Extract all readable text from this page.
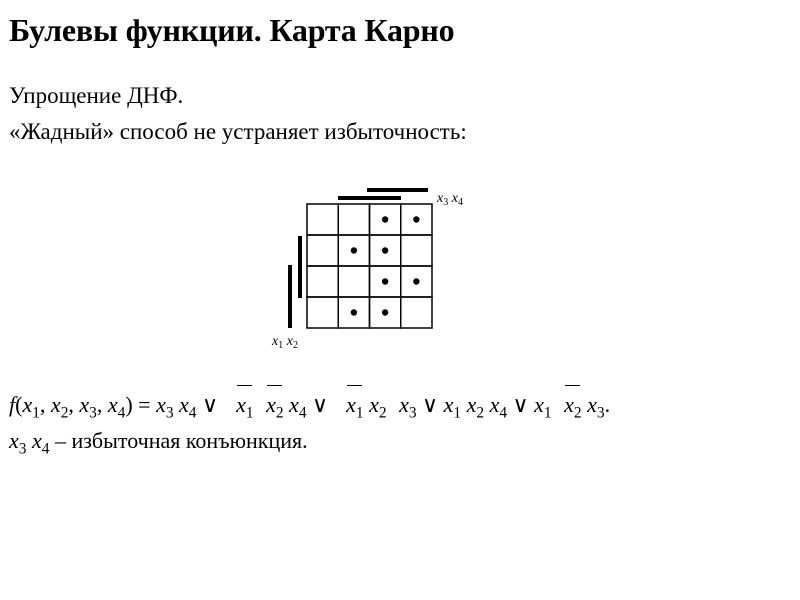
Булевы функции. Карта Карно
Упрощение ДНФ.
«Жадный» способ не устраняет избыточность:
$x_3$ $x_4$
$x_1$ $x_2$
$f(x_1$, $x_2$, $x_3$, $x_4) = x_3$ $x_4$ ∨  $x_1$ $x_2$ $x_4$ ∨  $x_1$ $x_2$ $x_3$ ∨ $x_1$ $x_2$ $x_4$ ∨ $x_1$ $x_2$ $x_3$.
$x_3$ $x_4$ – избыточная конъюнкция.
